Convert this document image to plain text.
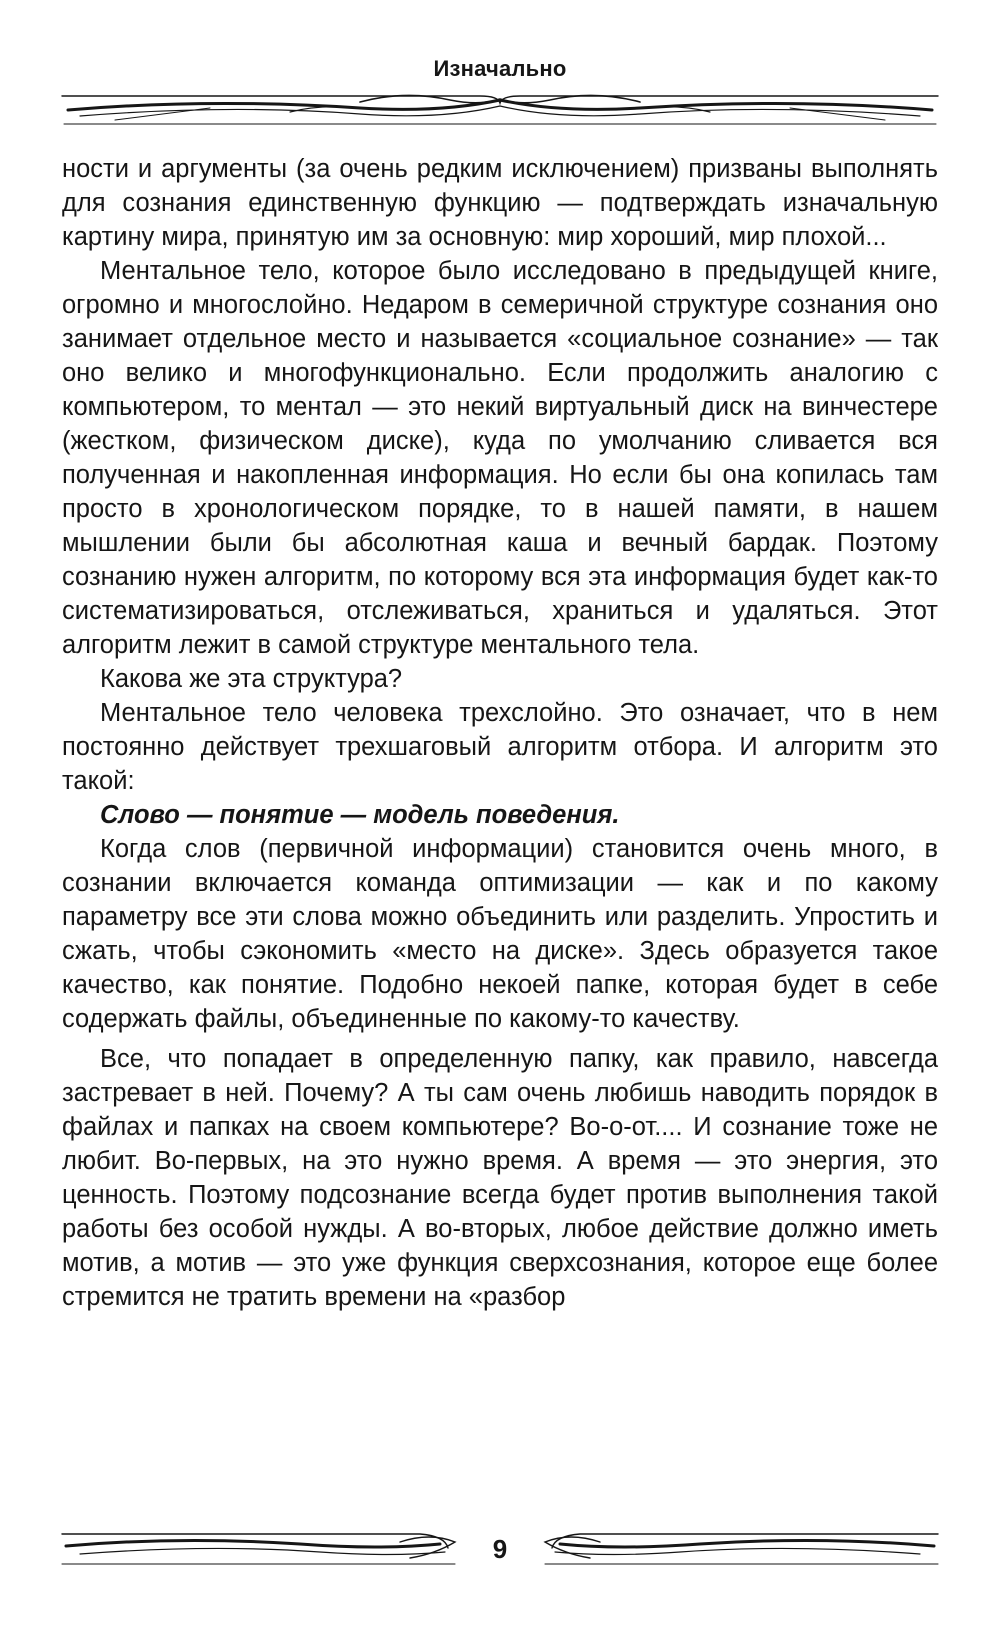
Изначально

ности и аргументы (за очень редким исключением) призваны выполнять для сознания единственную функцию — подтверждать изначальную картину мира, принятую им за основную: мир хороший, мир плохой...

Ментальное тело, которое было исследовано в предыдущей книге, огромно и многослойно. Недаром в семеричной структуре сознания оно занимает отдельное место и называется «социальное сознание» — так оно велико и многофункционально. Если продолжить аналогию с компьютером, то ментал — это некий виртуальный диск на винчестере (жестком, физическом диске), куда по умолчанию сливается вся полученная и накопленная информация. Но если бы она копилась там просто в хронологическом порядке, то в нашей памяти, в нашем мышлении были бы абсолютная каша и вечный бардак. Поэтому сознанию нужен алгоритм, по которому вся эта информация будет как-то систематизироваться, отслеживаться, храниться и удаляться. Этот алгоритм лежит в самой структуре ментального тела.

Какова же эта структура?

Ментальное тело человека трехслойно. Это означает, что в нем постоянно действует трехшаговый алгоритм отбора. И алгоритм это такой:

Слово — понятие — модель поведения.

Когда слов (первичной информации) становится очень много, в сознании включается команда оптимизации — как и по какому параметру все эти слова можно объединить или разделить. Упростить и сжать, чтобы сэкономить «место на диске». Здесь образуется такое качество, как понятие. Подобно некоей папке, которая будет в себе содержать файлы, объединенные по какому-то качеству.

Все, что попадает в определенную папку, как правило, навсегда застревает в ней. Почему? А ты сам очень любишь наводить порядок в файлах и папках на своем компьютере? Во-о-от.... И сознание тоже не любит. Во-первых, на это нужно время. А время — это энергия, это ценность. Поэтому подсознание всегда будет против выполнения такой работы без особой нужды. А во-вторых, любое действие должно иметь мотив, а мотив — это уже функция сверхсознания, которое еще более стремится не тратить времени на «разбор

9
